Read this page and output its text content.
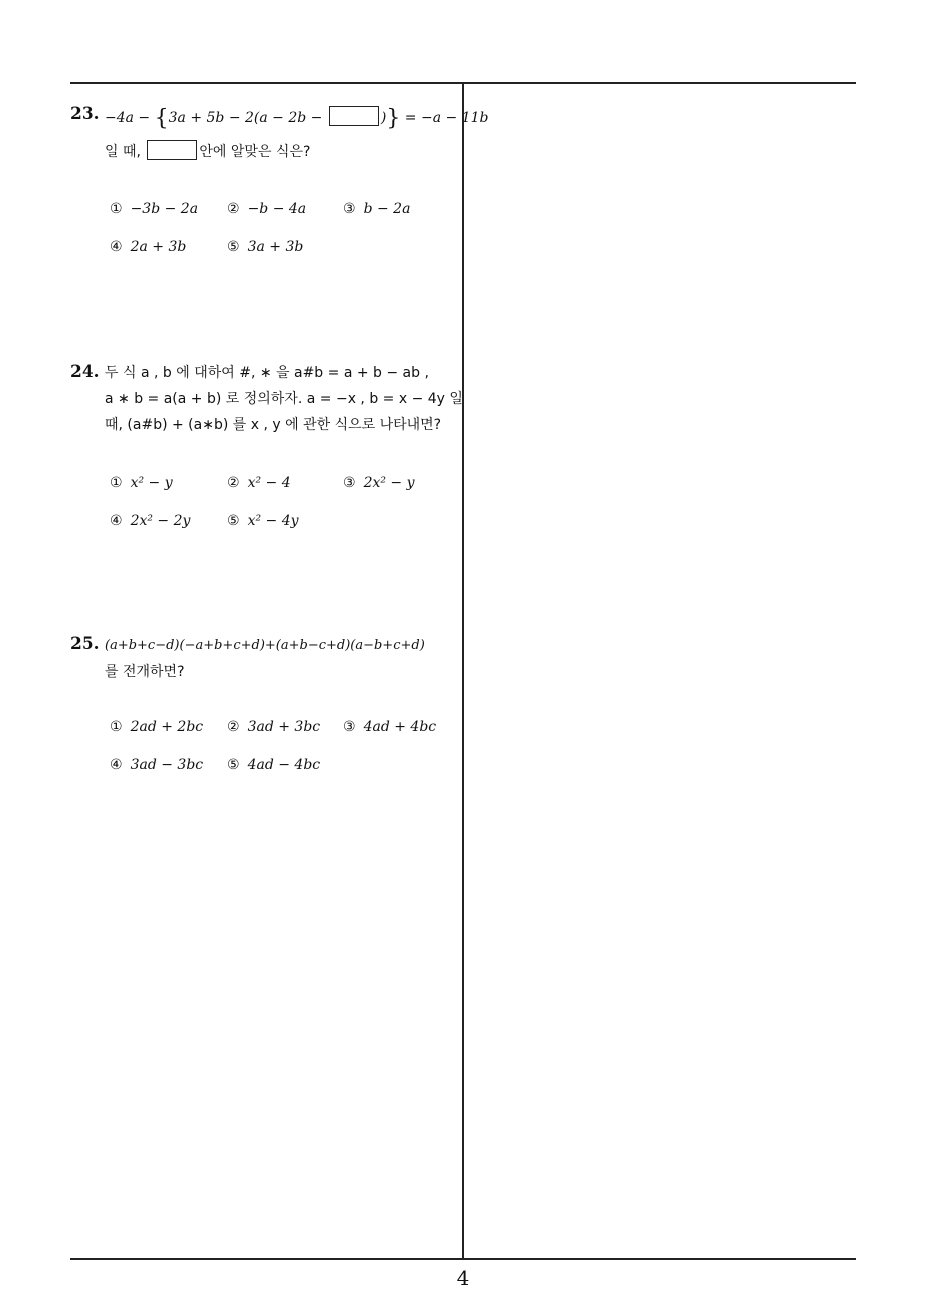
23. −4a − {3a + 5b − 2(a − 2b −	)} = −a − 11b
일 때,	안에 알맞은 식은?
① −3b − 2a ② −b − 4a	③ b − 2a
④ 2a + 3b	⑤ 3a + 3b
24. 두 식 a , b 에 대하여 #, ∗ 을 a#b = a + b − ab ,
a ∗ b = a(a + b) 로 정의하자. a = −x , b = x − 4y 일
때, (a#b) + (a∗b) 를 x , y 에 관한 식으로 나타내면?
① x² − y	② x² − 4	③ 2x² − y
④ 2x² − 2y	⑤ x² − 4y
25. (a+b+c−d)(−a+b+c+d)+(a+b−c+d)(a−b+c+d)
를 전개하면?
① 2ad + 2bc ② 3ad + 3bc ③ 4ad + 4bc
④ 3ad − 3bc ⑤ 4ad − 4bc
4
